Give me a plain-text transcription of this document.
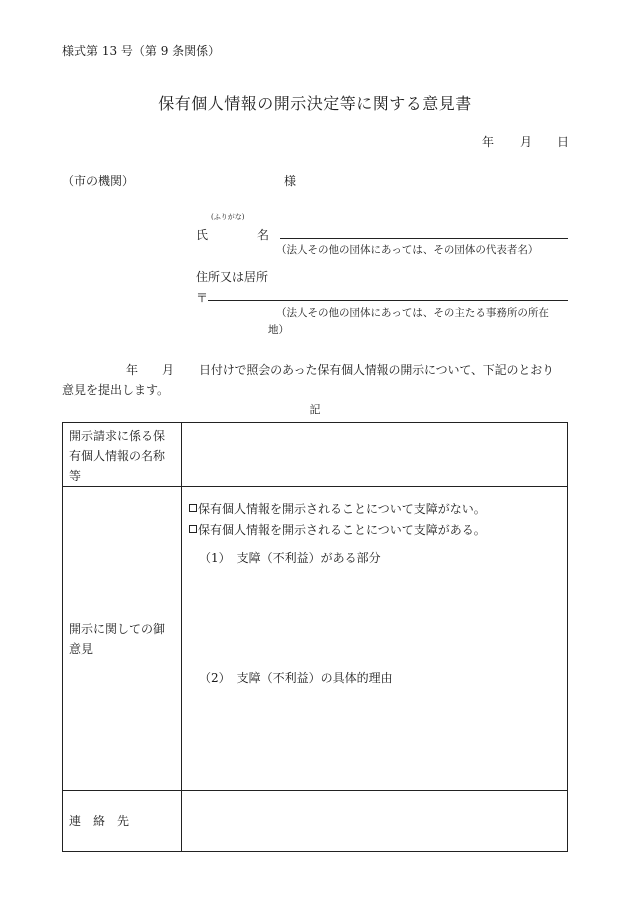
様式第 13 号（第 9 条関係）
保有個人情報の開示決定等に関する意見書
年 月 日
（市の機関）	様
(ふりがな)
氏	名
（法人その他の団体にあっては、その団体の代表者名）
住所又は居所
〒
（法人その他の団体にあっては、その主たる事務所の所在
地）
年 月 日付けで照会のあった保有個人情報の開示について、下記のとおり
意見を提出します。
記
開示請求に係る保有個人情報の名称等	
開示に関しての御意見	保有個人情報を開示されることについて支障がない。
保有個人情報を開示されることについて支障がある。
（1）　支障（不利益）がある部分
（2）　支障（不利益）の具体的理由

連　絡　先	
